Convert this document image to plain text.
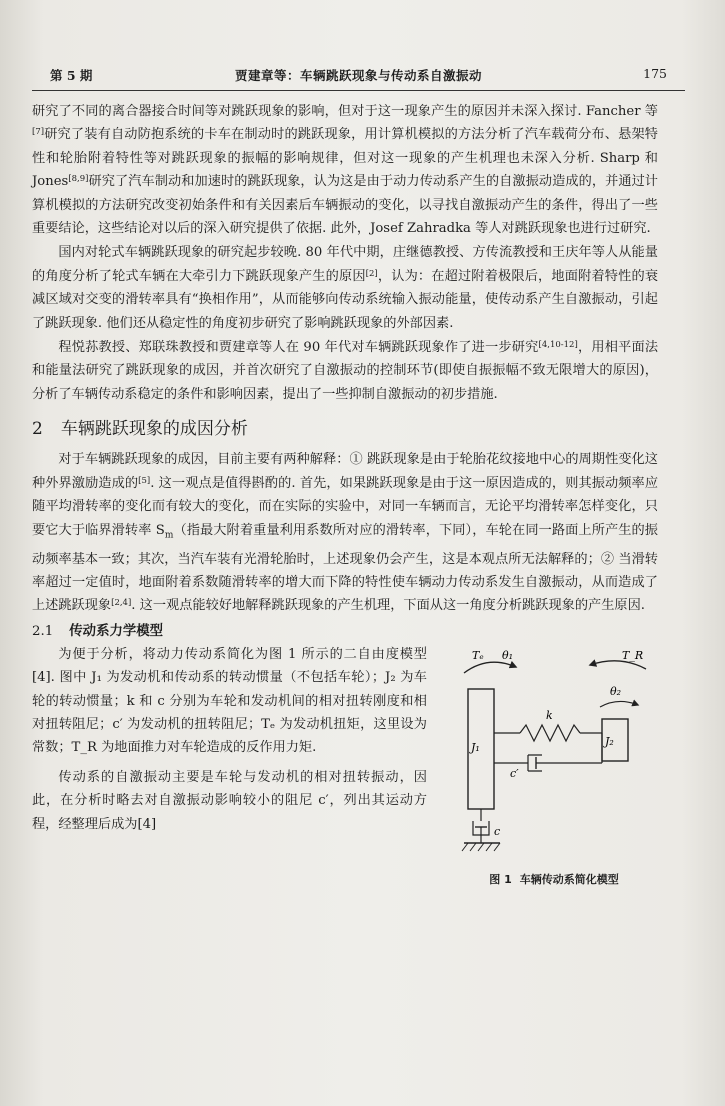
第 5 期	贾建章等：车辆跳跃现象与传动系自激振动	175

研究了不同的离合器接合时间等对跳跃现象的影响，但对于这一现象产生的原因并未深入探讨. Fancher 等[7]研究了装有自动防抱系统的卡车在制动时的跳跃现象，用计算机模拟的方法分析了汽车载荷分布、悬架特性和轮胎附着特性等对跳跃现象的振幅的影响规律，但对这一现象的产生机理也未深入分析. Sharp 和 Jones[8,9]研究了汽车制动和加速时的跳跃现象，认为这是由于动力传动系产生的自激振动造成的，并通过计算机模拟的方法研究改变初始条件和有关因素后车辆振动的变化，以寻找自激振动产生的条件，得出了一些重要结论，这些结论对以后的深入研究提供了依据. 此外，Josef Zahradka 等人对跳跃现象也进行过研究.

国内对轮式车辆跳跃现象的研究起步较晚. 80 年代中期，庄继德教授、方传流教授和王庆年等人从能量的角度分析了轮式车辆在大牵引力下跳跃现象产生的原因[2]，认为：在超过附着极限后，地面附着特性的衰减区域对交变的滑转率具有“换相作用”，从而能够向传动系统输入振动能量，使传动系产生自激振动，引起了跳跃现象. 他们还从稳定性的角度初步研究了影响跳跃现象的外部因素.

程悦荪教授、郑联珠教授和贾建章等人在 90 年代对车辆跳跃现象作了进一步研究[4,10-12]，用相平面法和能量法研究了跳跃现象的成因，并首次研究了自激振动的控制环节(即使自振振幅不致无限增大的原因)，分析了车辆传动系稳定的条件和影响因素，提出了一些抑制自激振动的初步措施.

2 车辆跳跃现象的成因分析

对于车辆跳跃现象的成因，目前主要有两种解释：① 跳跃现象是由于轮胎花纹接地中心的周期性变化这种外界激励造成的[5]. 这一观点是值得斟酌的. 首先，如果跳跃现象是由于这一原因造成的，则其振动频率应随平均滑转率的变化而有较大的变化，而在实际的实验中，对同一车辆而言，无论平均滑转率怎样变化，只要它大于临界滑转率 $S_m$（指最大附着重量利用系数所对应的滑转率，下同），车轮在同一路面上所产生的振动频率基本一致；其次，当汽车装有光滑轮胎时，上述现象仍会产生，这是本观点所无法解释的；② 当滑转率超过一定值时，地面附着系数随滑转率的增大而下降的特性使车辆动力传动系发生自激振动，从而造成了上述跳跃现象[2,4]. 这一观点能较好地解释跳跃现象的产生机理，下面从这一角度分析跳跃现象的产生原因.

2.1 传动系力学模型

为便于分析，将动力传动系简化为图 1 所示的二自由度模型[4]. 图中 J₁ 为发动机和传动系的转动惯量（不包括车轮）；J₂ 为车轮的转动惯量；k 和 c 分别为车轮和发动机间的相对扭转刚度和相对扭转阻尼；c′ 为发动机的扭转阻尼；Tₑ 为发动机扭矩，这里设为常数；T_R 为地面推力对车轮造成的反作用力矩.

传动系的自激振动主要是车轮与发动机的相对扭转振动，因此，在分析时略去对自激振动影响较小的阻尼 c′，列出其运动方程，经整理后成为[4]

Tₑ θ₁	T_R
θ₂
J₁
k
c′
J₂
c
图 1 车辆传动系简化模型
